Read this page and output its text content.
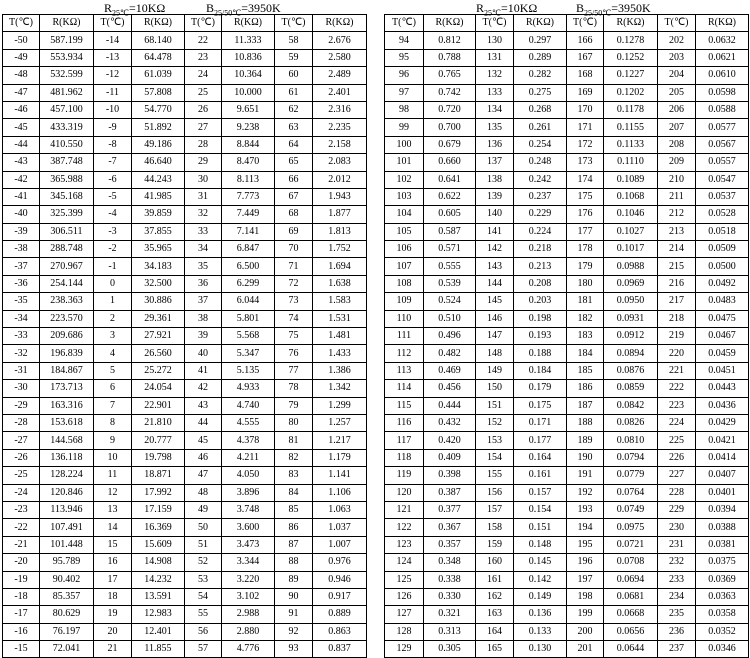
$R_{25℃}=10K\Omega$	$B_{25/50℃}=3950K$	$R_{25℃}=10K\Omega$	$B_{25/50℃}=3950K$
T(℃)	R(KΩ)	T(℃)	R(KΩ)	T(℃)	R(KΩ)	T(℃)	R(KΩ)
-50	587.199	-14	68.140	22	11.333	58	2.676
-49	553.934	-13	64.478	23	10.836	59	2.580
-48	532.599	-12	61.039	24	10.364	60	2.489
-47	481.962	-11	57.808	25	10.000	61	2.401
-46	457.100	-10	54.770	26	9.651	62	2.316
-45	433.319	-9	51.892	27	9.238	63	2.235
-44	410.550	-8	49.186	28	8.844	64	2.158
-43	387.748	-7	46.640	29	8.470	65	2.083
-42	365.988	-6	44.243	30	8.113	66	2.012
-41	345.168	-5	41.985	31	7.773	67	1.943
-40	325.399	-4	39.859	32	7.449	68	1.877
-39	306.511	-3	37.855	33	7.141	69	1.813
-38	288.748	-2	35.965	34	6.847	70	1.752
-37	270.967	-1	34.183	35	6.500	71	1.694
-36	254.144	0	32.500	36	6.299	72	1.638
-35	238.363	1	30.886	37	6.044	73	1.583
-34	223.570	2	29.361	38	5.801	74	1.531
-33	209.686	3	27.921	39	5.568	75	1.481
-32	196.839	4	26.560	40	5.347	76	1.433
-31	184.867	5	25.272	41	5.135	77	1.386
-30	173.713	6	24.054	42	4.933	78	1.342
-29	163.316	7	22.901	43	4.740	79	1.299
-28	153.618	8	21.810	44	4.555	80	1.257
-27	144.568	9	20.777	45	4.378	81	1.217
-26	136.118	10	19.798	46	4.211	82	1.179
-25	128.224	11	18.871	47	4.050	83	1.141
-24	120.846	12	17.992	48	3.896	84	1.106
-23	113.946	13	17.159	49	3.748	85	1.063
-22	107.491	14	16.369	50	3.600	86	1.037
-21	101.448	15	15.609	51	3.473	87	1.007
-20	95.789	16	14.908	52	3.344	88	0.976
-19	90.402	17	14.232	53	3.220	89	0.946
-18	85.357	18	13.591	54	3.102	90	0.917
-17	80.629	19	12.983	55	2.988	91	0.889
-16	76.197	20	12.401	56	2.880	92	0.863
-15	72.041	21	11.855	57	4.776	93	0.837
T(℃)	R(KΩ)	T(℃)	R(KΩ)	T(℃)	R(KΩ)	T(℃)	R(KΩ)
94	0.812	130	0.297	166	0.1278	202	0.0632
95	0.788	131	0.289	167	0.1252	203	0.0621
96	0.765	132	0.282	168	0.1227	204	0.0610
97	0.742	133	0.275	169	0.1202	205	0.0598
98	0.720	134	0.268	170	0.1178	206	0.0588
99	0.700	135	0.261	171	0.1155	207	0.0577
100	0.679	136	0.254	172	0.1133	208	0.0567
101	0.660	137	0.248	173	0.1110	209	0.0557
102	0.641	138	0.242	174	0.1089	210	0.0547
103	0.622	139	0.237	175	0.1068	211	0.0537
104	0.605	140	0.229	176	0.1046	212	0.0528
105	0.587	141	0.224	177	0.1027	213	0.0518
106	0.571	142	0.218	178	0.1017	214	0.0509
107	0.555	143	0.213	179	0.0988	215	0.0500
108	0.539	144	0.208	180	0.0969	216	0.0492
109	0.524	145	0.203	181	0.0950	217	0.0483
110	0.510	146	0.198	182	0.0931	218	0.0475
111	0.496	147	0.193	183	0.0912	219	0.0467
112	0.482	148	0.188	184	0.0894	220	0.0459
113	0.469	149	0.184	185	0.0876	221	0.0451
114	0.456	150	0.179	186	0.0859	222	0.0443
115	0.444	151	0.175	187	0.0842	223	0.0436
116	0.432	152	0.171	188	0.0826	224	0.0429
117	0.420	153	0.177	189	0.0810	225	0.0421
118	0.409	154	0.164	190	0.0794	226	0.0414
119	0.398	155	0.161	191	0.0779	227	0.0407
120	0.387	156	0.157	192	0.0764	228	0.0401
121	0.377	157	0.154	193	0.0749	229	0.0394
122	0.367	158	0.151	194	0.0975	230	0.0388
123	0.357	159	0.148	195	0.0721	231	0.0381
124	0.348	160	0.145	196	0.0708	232	0.0375
125	0.338	161	0.142	197	0.0694	233	0.0369
126	0.330	162	0.149	198	0.0681	234	0.0363
127	0.321	163	0.136	199	0.0668	235	0.0358
128	0.313	164	0.133	200	0.0656	236	0.0352
129	0.305	165	0.130	201	0.0644	237	0.0346
